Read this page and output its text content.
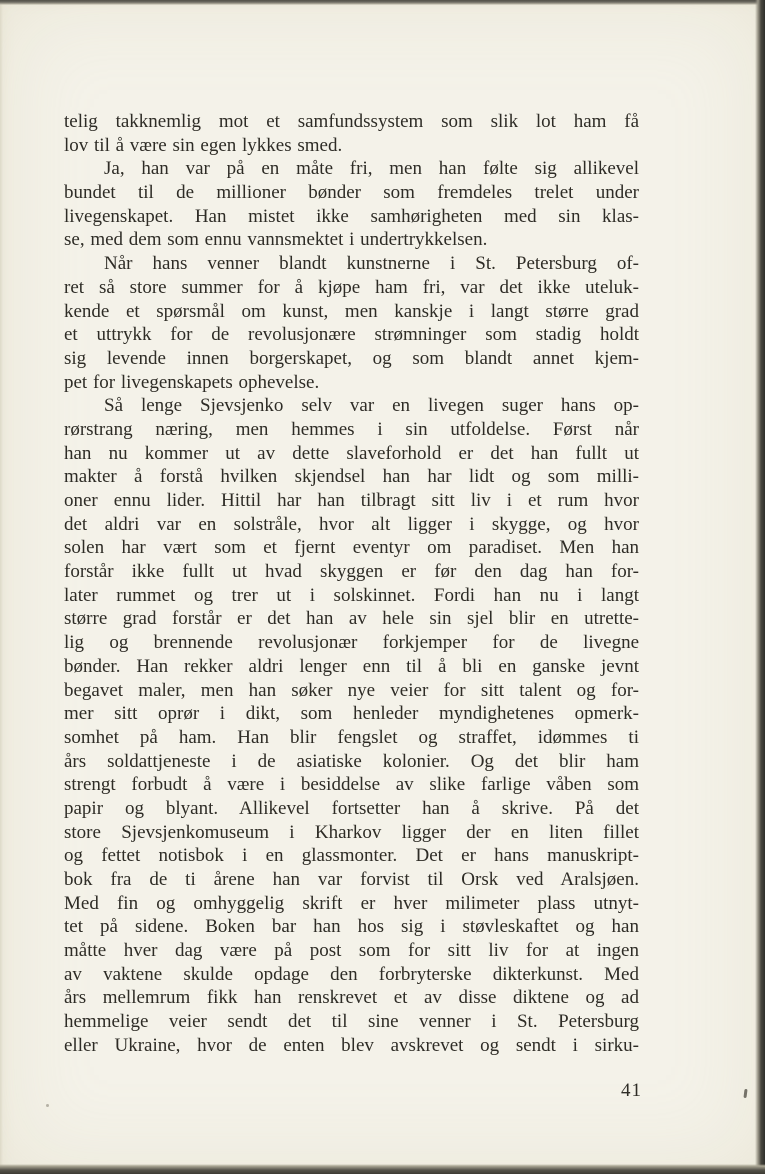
telig takknemlig mot et samfundssystem som slik lot ham få
lov til å være sin egen lykkes smed.
Ja, han var på en måte fri, men han følte sig allikevel
bundet til de millioner bønder som fremdeles trelet under
livegenskapet. Han mistet ikke samhørigheten med sin klas-
se, med dem som ennu vannsmektet i undertrykkelsen.
Når hans venner blandt kunstnerne i St. Petersburg of-
ret så store summer for å kjøpe ham fri, var det ikke uteluk-
kende et spørsmål om kunst, men kanskje i langt større grad
et uttrykk for de revolusjonære strømninger som stadig holdt
sig levende innen borgerskapet, og som blandt annet kjem-
pet for livegenskapets ophevelse.
Så lenge Sjevsjenko selv var en livegen suger hans op-
rørstrang næring, men hemmes i sin utfoldelse. Først når
han nu kommer ut av dette slaveforhold er det han fullt ut
makter å forstå hvilken skjendsel han har lidt og som milli-
oner ennu lider. Hittil har han tilbragt sitt liv i et rum hvor
det aldri var en solstråle, hvor alt ligger i skygge, og hvor
solen har vært som et fjernt eventyr om paradiset. Men han
forstår ikke fullt ut hvad skyggen er før den dag han for-
later rummet og trer ut i solskinnet. Fordi han nu i langt
større grad forstår er det han av hele sin sjel blir en utrette-
lig og brennende revolusjonær forkjemper for de livegne
bønder. Han rekker aldri lenger enn til å bli en ganske jevnt
begavet maler, men han søker nye veier for sitt talent og for-
mer sitt oprør i dikt, som henleder myndighetenes opmerk-
somhet på ham. Han blir fengslet og straffet, idømmes ti
års soldattjeneste i de asiatiske kolonier. Og det blir ham
strengt forbudt å være i besiddelse av slike farlige våben som
papir og blyant. Allikevel fortsetter han å skrive. På det
store Sjevsjenkomuseum i Kharkov ligger der en liten fillet
og fettet notisbok i en glassmonter. Det er hans manuskript-
bok fra de ti årene han var forvist til Orsk ved Aralsjøen.
Med fin og omhyggelig skrift er hver milimeter plass utnyt-
tet på sidene. Boken bar han hos sig i støvleskaftet og han
måtte hver dag være på post som for sitt liv for at ingen
av vaktene skulde opdage den forbryterske dikterkunst. Med
års mellemrum fikk han renskrevet et av disse diktene og ad
hemmelige veier sendt det til sine venner i St. Petersburg
eller Ukraine, hvor de enten blev avskrevet og sendt i sirku-
41
